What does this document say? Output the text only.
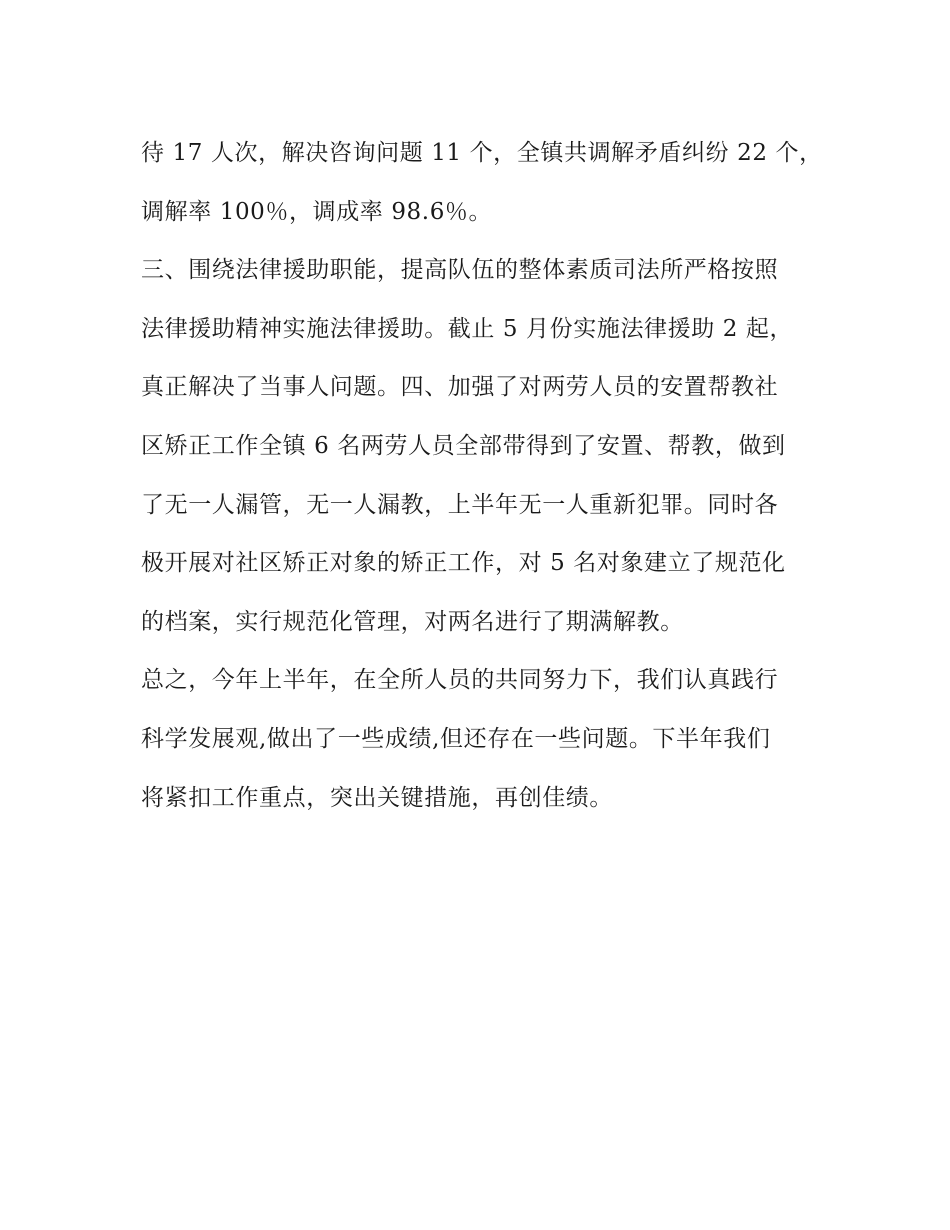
待 17 人次，解决咨询问题 11 个，全镇共调解矛盾纠纷 22 个，
调解率 100％，调成率 98.6％。
三、围绕法律援助职能，提高队伍的整体素质司法所严格按照
法律援助精神实施法律援助。截止 5 月份实施法律援助 2 起，
真正解决了当事人问题。四、加强了对两劳人员的安置帮教社
区矫正工作全镇 6 名两劳人员全部带得到了安置、帮教，做到
了无一人漏管，无一人漏教，上半年无一人重新犯罪。同时各
极开展对社区矫正对象的矫正工作，对 5 名对象建立了规范化
的档案，实行规范化管理，对两名进行了期满解教。
总之，今年上半年，在全所人员的共同努力下，我们认真践行
科学发展观,做出了一些成绩,但还存在一些问题。下半年我们
将紧扣工作重点，突出关键措施，再创佳绩。
